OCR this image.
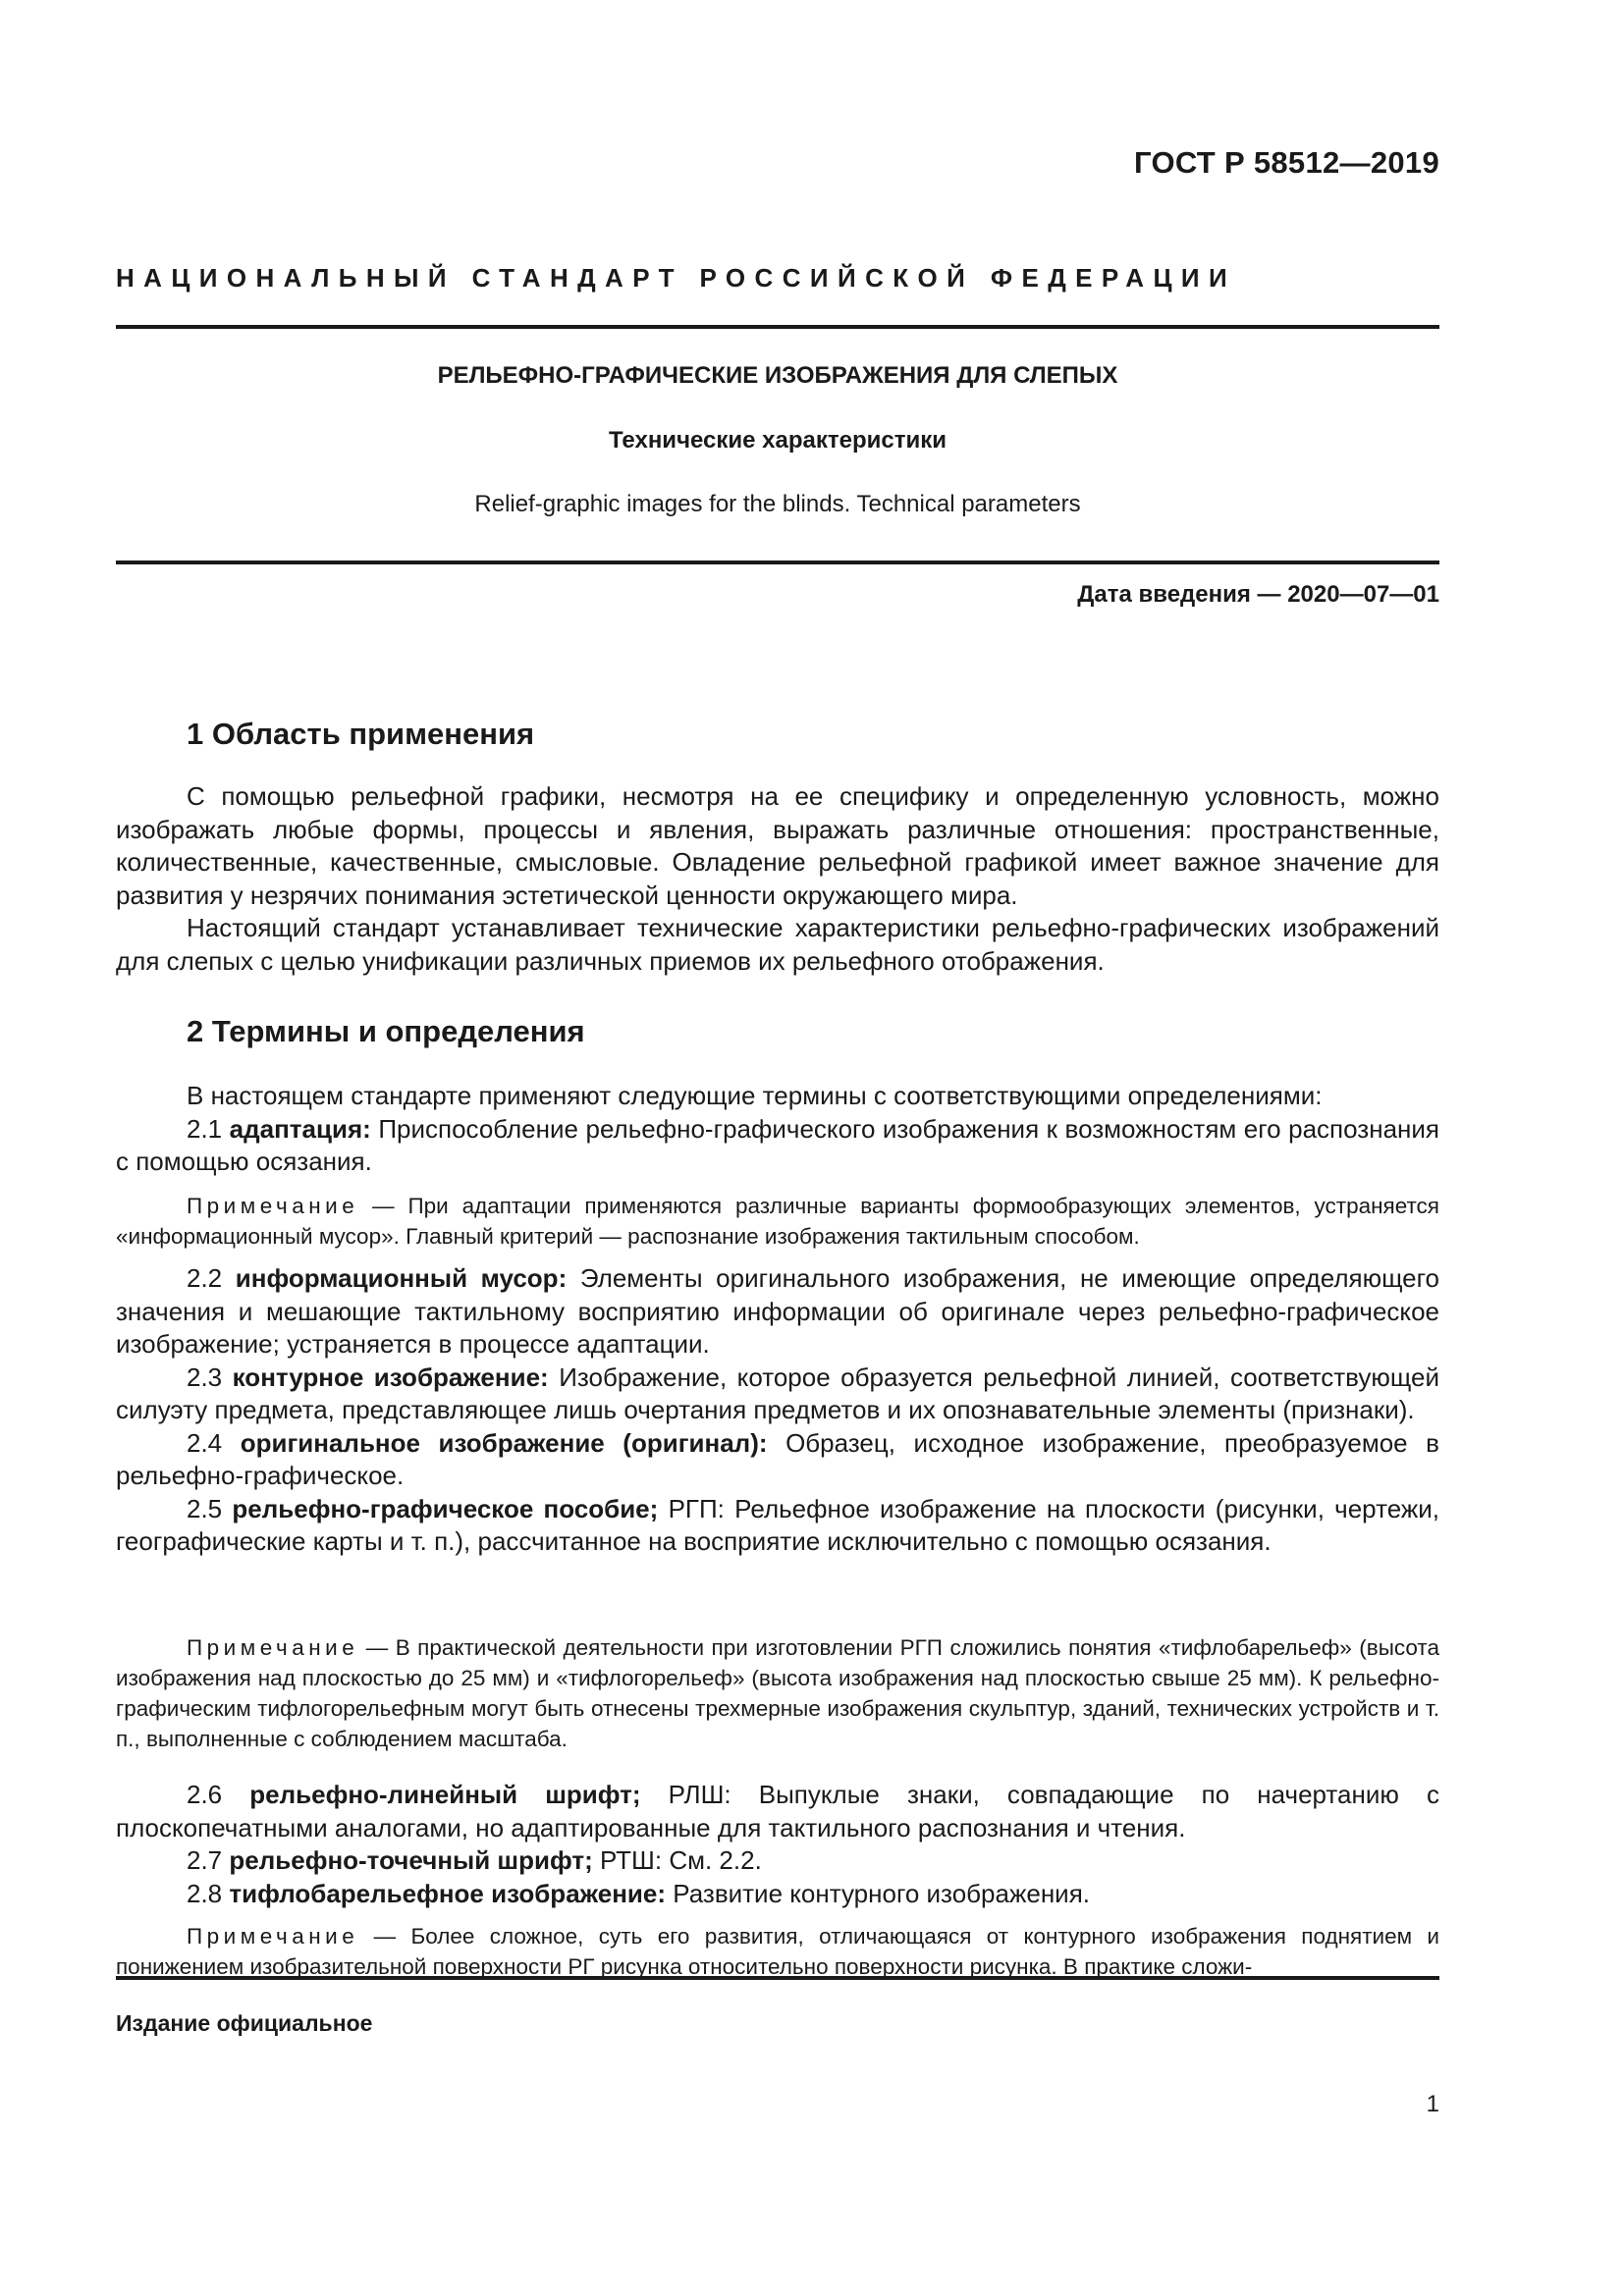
ГОСТ Р 58512—2019
НАЦИОНАЛЬНЫЙ СТАНДАРТ РОССИЙСКОЙ ФЕДЕРАЦИИ
РЕЛЬЕФНО-ГРАФИЧЕСКИЕ ИЗОБРАЖЕНИЯ ДЛЯ СЛЕПЫХ
Технические характеристики
Relief-graphic images for the blinds. Technical parameters
Дата введения — 2020—07—01
1 Область применения

С помощью рельефной графики, несмотря на ее специфику и определенную условность, можно изображать любые формы, процессы и явления, выражать различные отношения: пространственные, количественные, качественные, смысловые. Овладение рельефной графикой имеет важное значение для развития у незрячих понимания эстетической ценности окружающего мира.

Настоящий стандарт устанавливает технические характеристики рельефно-графических изображений для слепых с целью унификации различных приемов их рельефного отображения.

2 Термины и определения

В настоящем стандарте применяют следующие термины с соответствующими определениями:

2.1 адаптация: Приспособление рельефно-графического изображения к возможностям его распознания с помощью осязания.

Примечание — При адаптации применяются различные варианты формообразующих элементов, устраняется «информационный мусор». Главный критерий — распознание изображения тактильным способом.

2.2 информационный мусор: Элементы оригинального изображения, не имеющие определяющего значения и мешающие тактильному восприятию информации об оригинале через рельефно-графическое изображение; устраняется в процессе адаптации.

2.3 контурное изображение: Изображение, которое образуется рельефной линией, соответствующей силуэту предмета, представляющее лишь очертания предметов и их опознавательные элементы (признаки).

2.4 оригинальное изображение (оригинал): Образец, исходное изображение, преобразуемое в рельефно-графическое.

2.5 рельефно-графическое пособие; РГП: Рельефное изображение на плоскости (рисунки, чертежи, географические карты и т. п.), рассчитанное на восприятие исключительно с помощью осязания.

Примечание — В практической деятельности при изготовлении РГП сложились понятия «тифлобарельеф» (высота изображения над плоскостью до 25 мм) и «тифлогорельеф» (высота изображения над плоскостью свыше 25 мм). К рельефно-графическим тифлогорельефным могут быть отнесены трехмерные изображения скульптур, зданий, технических устройств и т. п., выполненные с соблюдением масштаба.

2.6 рельефно-линейный шрифт; РЛШ: Выпуклые знаки, совпадающие по начертанию с плоскопечатными аналогами, но адаптированные для тактильного распознания и чтения.

2.7 рельефно-точечный шрифт; РТШ: См. 2.2.

2.8 тифлобарельефное изображение: Развитие контурного изображения.

Примечание — Более сложное, суть его развития, отличающаяся от контурного изображения поднятием и понижением изобразительной поверхности РГ рисунка относительно поверхности рисунка. В практике сложи-

Издание официальное
1
